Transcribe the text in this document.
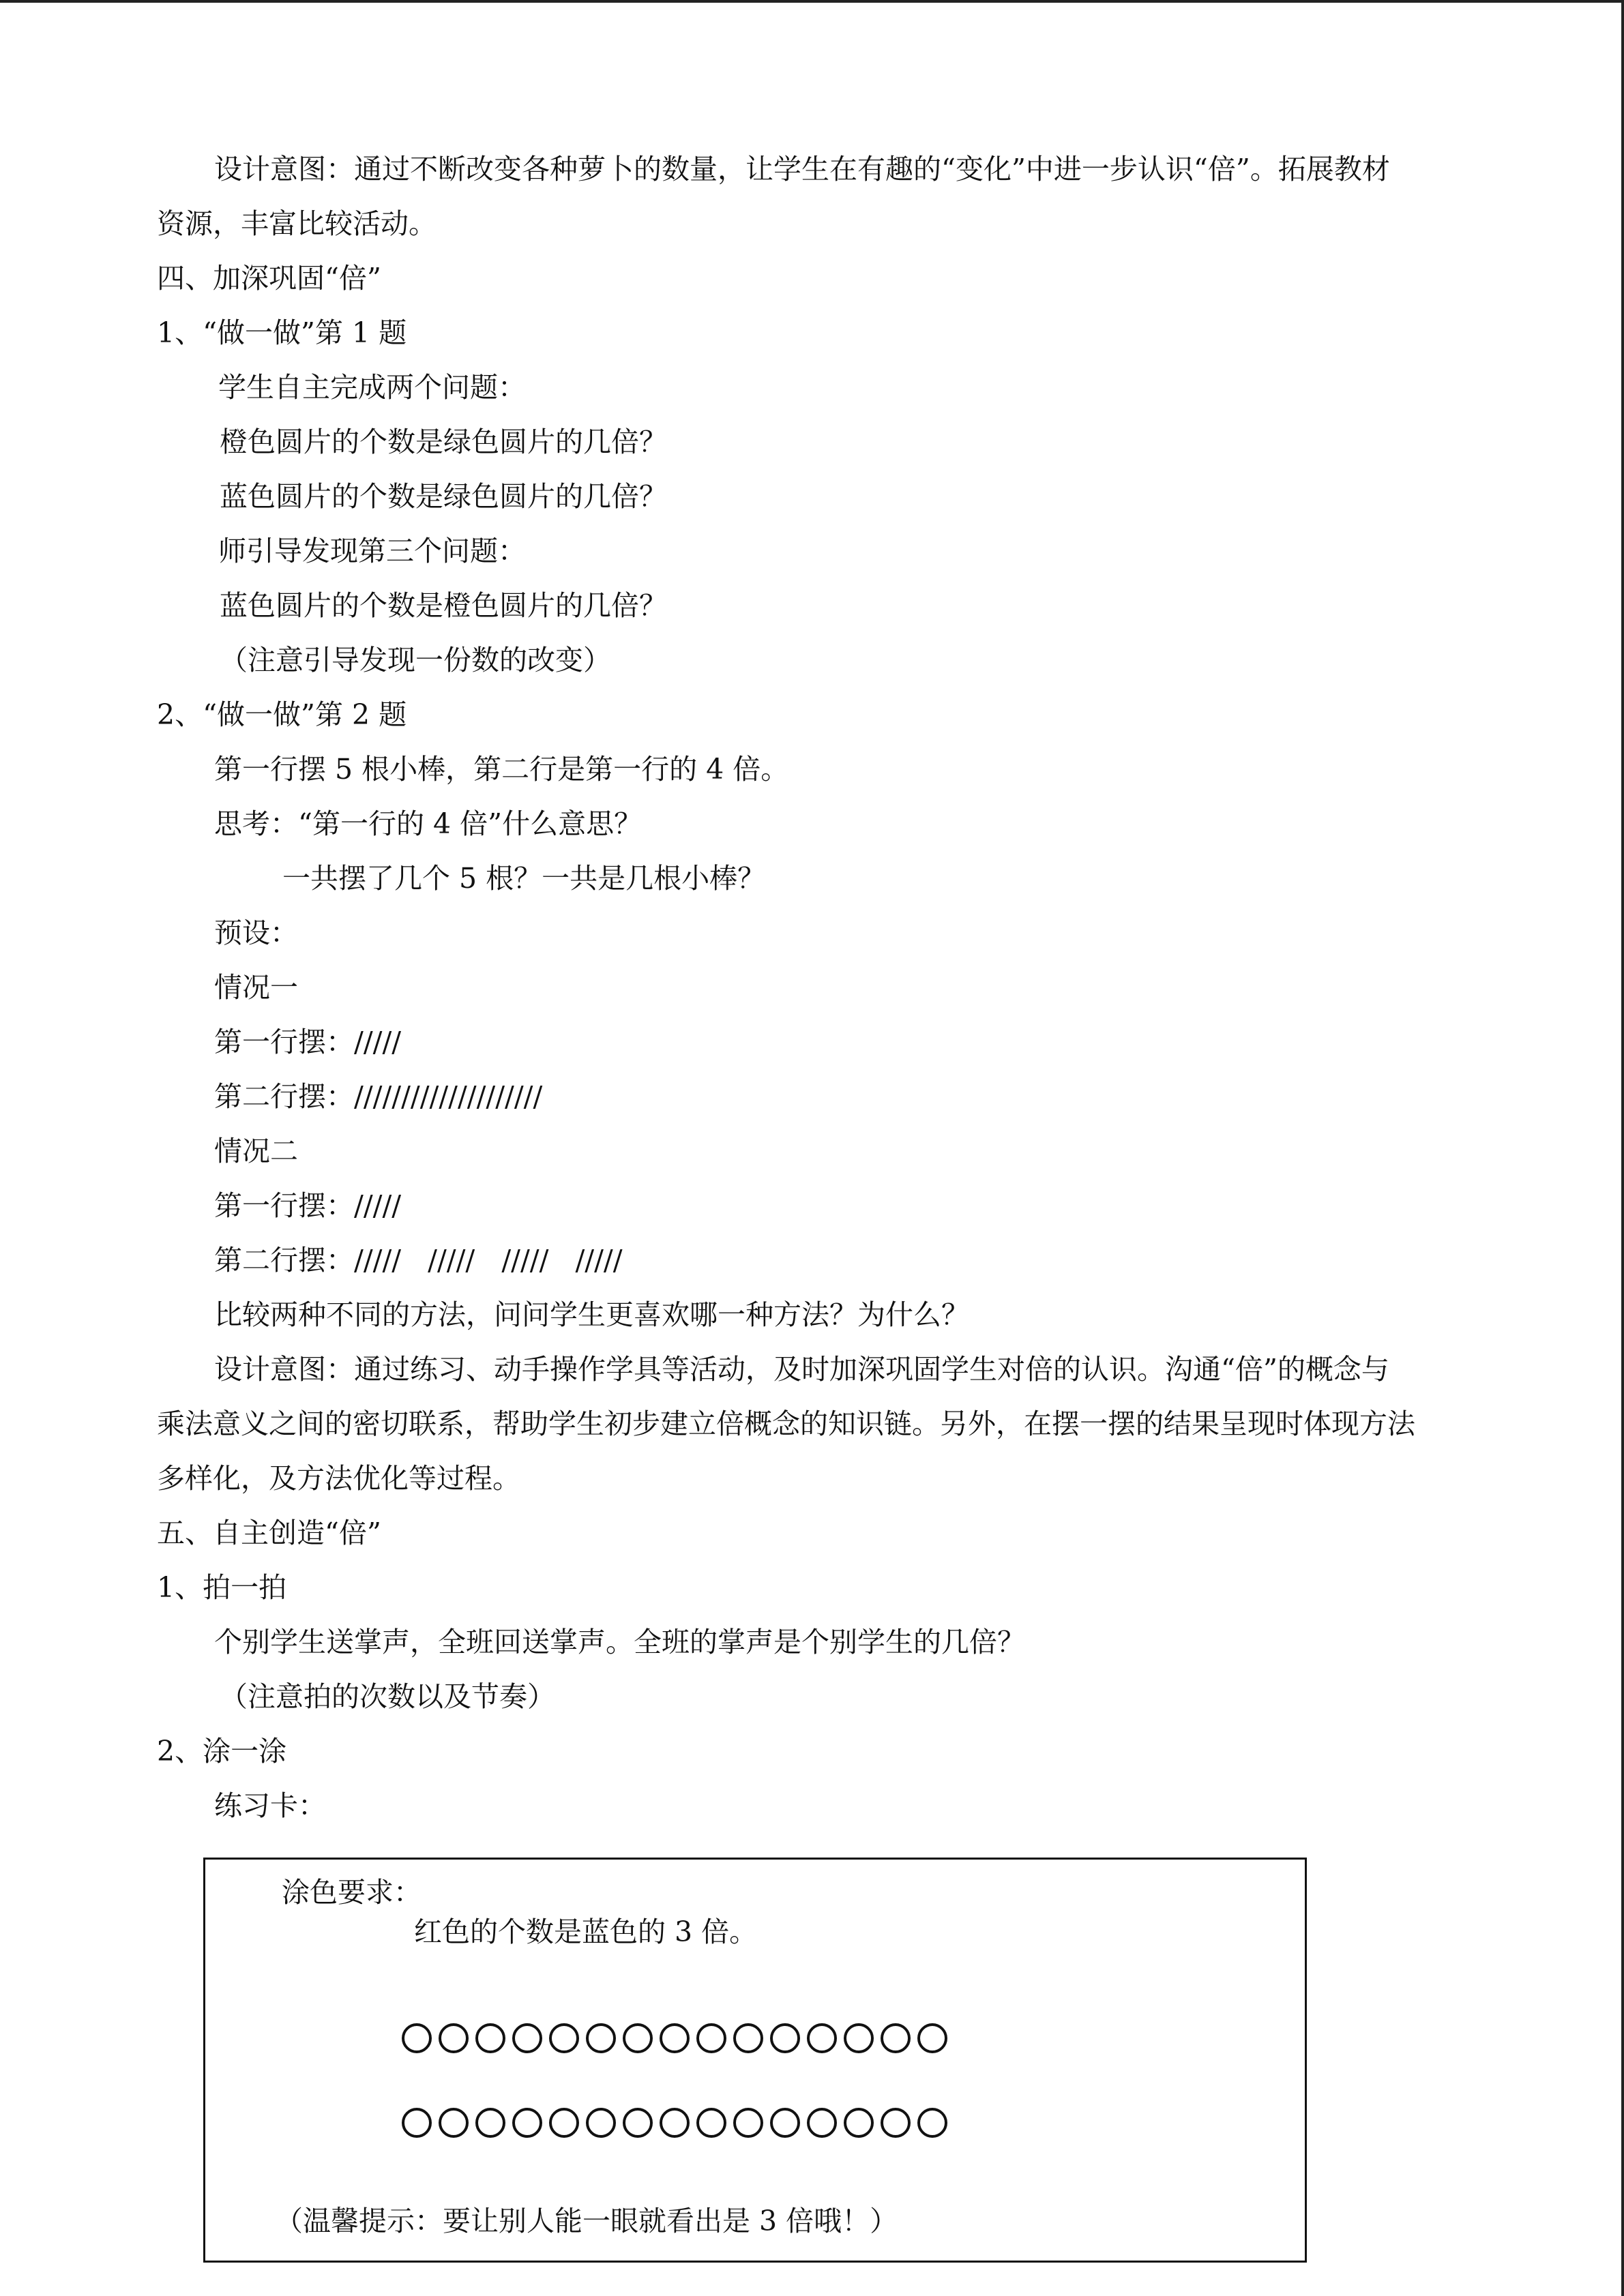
设计意图：通过不断改变各种萝卜的数量，让学生在有趣的“变化”中进一步认识“倍”。拓展教材
资源，丰富比较活动。
四、加深巩固“倍”
1、“做一做”第 1 题
学生自主完成两个问题：
橙色圆片的个数是绿色圆片的几倍？
蓝色圆片的个数是绿色圆片的几倍？
师引导发现第三个问题：
蓝色圆片的个数是橙色圆片的几倍？
（注意引导发现一份数的改变）
2、“做一做”第 2 题
第一行摆 5 根小棒，第二行是第一行的 4 倍。
思考：“第一行的 4 倍”什么意思？
一共摆了几个 5 根？一共是几根小棒？
预设：
情况一
第一行摆：/////
第二行摆：////////////////////
情况二
第一行摆：/////
第二行摆：/////   /////   /////   /////
比较两种不同的方法，问问学生更喜欢哪一种方法？为什么？
设计意图：通过练习、动手操作学具等活动，及时加深巩固学生对倍的认识。沟通“倍”的概念与
乘法意义之间的密切联系，帮助学生初步建立倍概念的知识链。另外，在摆一摆的结果呈现时体现方法
多样化，及方法优化等过程。
五、自主创造“倍”
1、拍一拍
个别学生送掌声，全班回送掌声。全班的掌声是个别学生的几倍？
（注意拍的次数以及节奏）
2、涂一涂
练习卡：
涂色要求：
红色的个数是蓝色的 3 倍。
（温馨提示：要让别人能一眼就看出是 3 倍哦！）
